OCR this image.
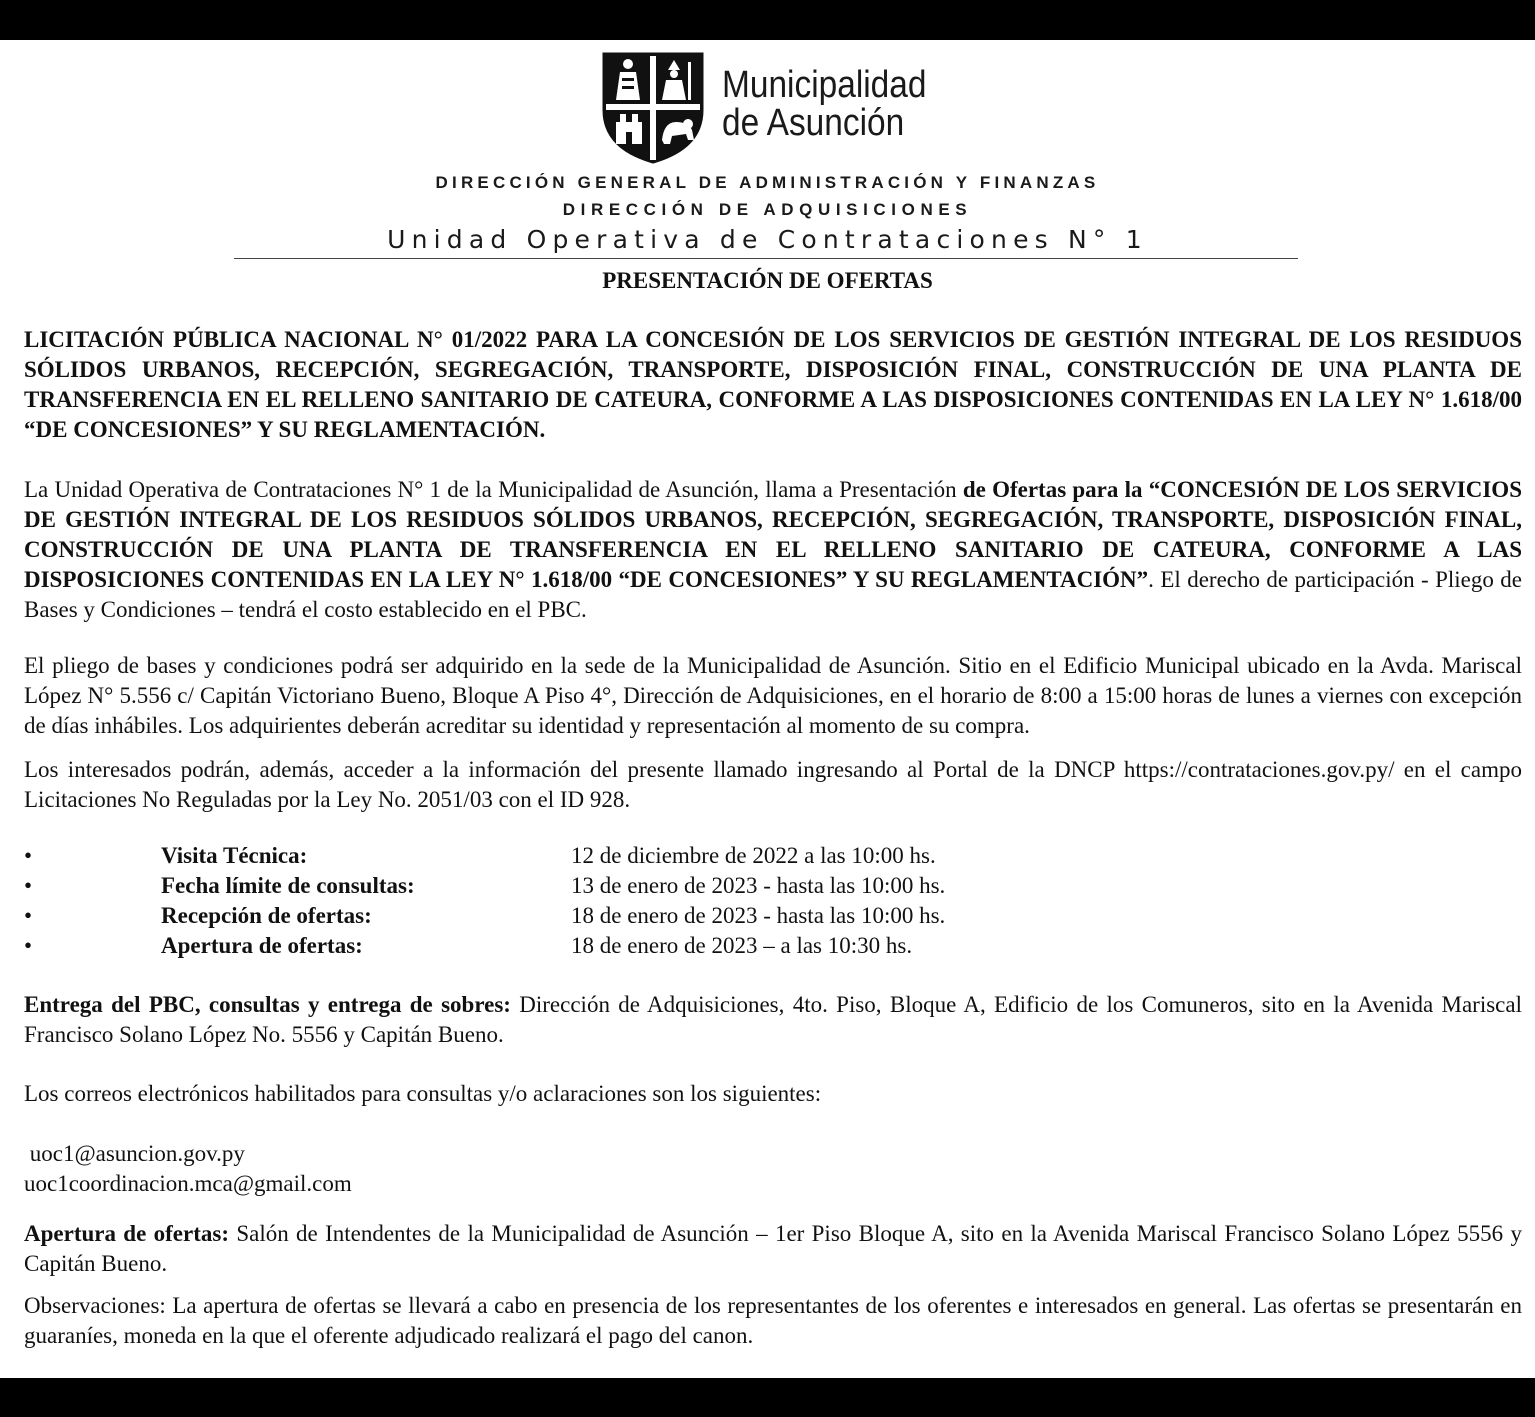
Municipalidad
de Asunción
DIRECCIÓN GENERAL DE ADMINISTRACIÓN Y FINANZAS
DIRECCIÓN DE ADQUISICIONES
Unidad Operativa de Contrataciones N° 1
PRESENTACIÓN DE OFERTAS
LICITACIÓN PÚBLICA NACIONAL N° 01/2022 PARA LA CONCESIÓN DE LOS SERVICIOS DE GESTIÓN INTEGRAL DE LOS RESIDUOS SÓLIDOS URBANOS, RECEPCIÓN, SEGREGACIÓN, TRANSPORTE, DISPOSICIÓN FINAL, CONSTRUCCIÓN DE UNA PLANTA DE TRANSFERENCIA EN EL RELLENO SANITARIO DE CATEURA, CONFORME A LAS DISPOSICIONES CONTENIDAS EN LA LEY N° 1.618/00 “DE CONCESIONES” Y SU REGLAMENTACIÓN.
La Unidad Operativa de Contrataciones N° 1 de la Municipalidad de Asunción, llama a Presentación de Ofertas para la “CONCESIÓN DE LOS SERVICIOS DE GESTIÓN INTEGRAL DE LOS RESIDUOS SÓLIDOS URBANOS, RECEPCIÓN, SEGREGACIÓN, TRANSPORTE, DISPOSICIÓN FINAL, CONSTRUCCIÓN DE UNA PLANTA DE TRANSFERENCIA EN EL RELLENO SANITARIO DE CATEURA, CONFORME A LAS DISPOSICIONES CONTENIDAS EN LA LEY N° 1.618/00 “DE CONCESIONES” Y SU REGLAMENTACIÓN”. El derecho de participación - Pliego de Bases y Condiciones – tendrá el costo establecido en el PBC.
El pliego de bases y condiciones podrá ser adquirido en la sede de la Municipalidad de Asunción. Sitio en el Edificio Municipal ubicado en la Avda. Mariscal López N° 5.556 c/ Capitán Victoriano Bueno, Bloque A Piso 4°, Dirección de Adquisiciones, en el horario de 8:00 a 15:00 horas de lunes a viernes con excepción de días inhábiles. Los adquirientes deberán acreditar su identidad y representación al momento de su compra.
Los interesados podrán, además, acceder a la información del presente llamado ingresando al Portal de la DNCP https://contrataciones.gov.py/ en el campo Licitaciones No Reguladas por la Ley No. 2051/03 con el ID 928.
•	Visita Técnica:	12 de diciembre de 2022 a las 10:00 hs.
•	Fecha límite de consultas:	13 de enero de 2023 - hasta las 10:00 hs.
•	Recepción de ofertas:	18 de enero de 2023 - hasta las 10:00 hs.
•	Apertura de ofertas:	18 de enero de 2023 – a las 10:30 hs.
Entrega del PBC, consultas y entrega de sobres: Dirección de Adquisiciones, 4to. Piso, Bloque A, Edificio de los Comuneros, sito en la Avenida Mariscal Francisco Solano López No. 5556 y Capitán Bueno.
Los correos electrónicos habilitados para consultas y/o aclaraciones son los siguientes:
uoc1@asuncion.gov.py
uoc1coordinacion.mca@gmail.com
Apertura de ofertas: Salón de Intendentes de la Municipalidad de Asunción – 1er Piso Bloque A, sito en la Avenida Mariscal Francisco Solano López 5556 y Capitán Bueno.
Observaciones: La apertura de ofertas se llevará a cabo en presencia de los representantes de los oferentes e interesados en general. Las ofertas se presentarán en guaraníes, moneda en la que el oferente adjudicado realizará el pago del canon.
